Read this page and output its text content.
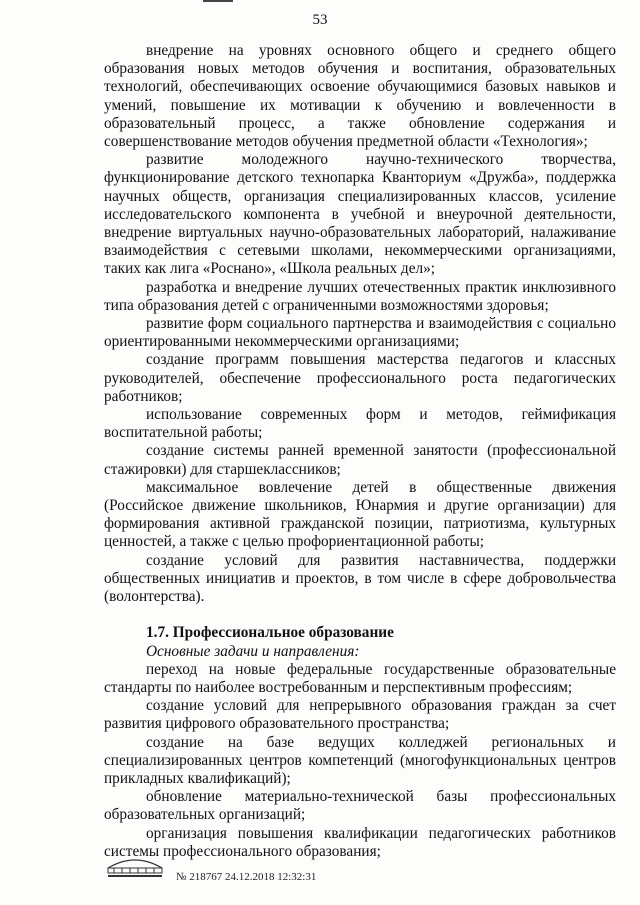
53

внедрение на уровнях основного общего и среднего общего образования новых методов обучения и воспитания, образовательных технологий, обеспечивающих освоение обучающимися базовых навыков и умений, повышение их мотивации к обучению и вовлеченности в образовательный процесс, а также обновление содержания и совершенствование методов обучения предметной области «Технология»;

развитие молодежного научно-технического творчества, функционирование детского технопарка Кванториум «Дружба», поддержка научных обществ, организация специализированных классов, усиление исследовательского компонента в учебной и внеурочной деятельности, внедрение виртуальных научно-образовательных лабораторий, налаживание взаимодействия с сетевыми школами, некоммерческими организациями, таких как лига «Роснано», «Школа реальных дел»;

разработка и внедрение лучших отечественных практик инклюзивного типа образования детей с ограниченными возможностями здоровья;

развитие форм социального партнерства и взаимодействия с социально ориентированными некоммерческими организациями;

создание программ повышения мастерства педагогов и классных руководителей, обеспечение профессионального роста педагогических работников;

использование современных форм и методов, геймификация воспитательной работы;

создание системы ранней временной занятости (профессиональной стажировки) для старшеклассников;

максимальное вовлечение детей в общественные движения (Российское движение школьников, Юнармия и другие организации) для формирования активной гражданской позиции, патриотизма, культурных ценностей, а также с целью профориентационной работы;

создание условий для развития наставничества, поддержки общественных инициатив и проектов, в том числе в сфере добровольчества (волонтерства).

1.7. Профессиональное образование

Основные задачи и направления:

переход на новые федеральные государственные образовательные стандарты по наиболее востребованным и перспективным профессиям;

создание условий для непрерывного образования граждан за счет развития цифрового образовательного пространства;

создание на базе ведущих колледжей региональных и специализированных центров компетенций (многофункциональных центров прикладных квалификаций);

обновление материально-технической базы профессиональных образовательных организаций;

организация повышения квалификации педагогических работников системы профессионального образования;

№ 218767 24.12.2018 12:32:31
